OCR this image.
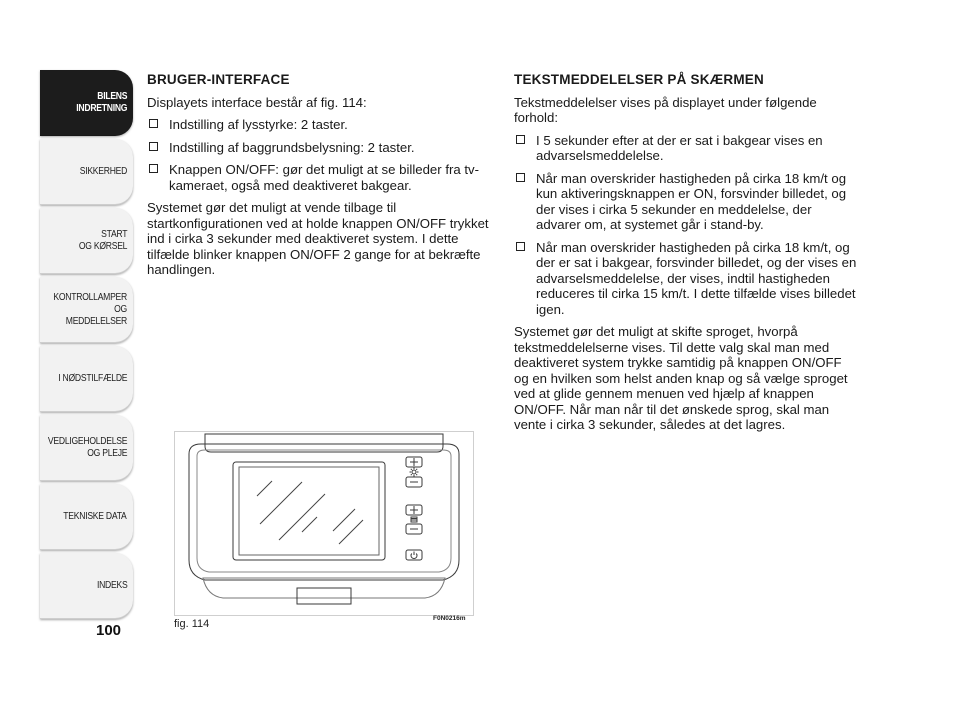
BILENS
INDRETNING
SIKKERHED
START
OG KØRSEL
KONTROLLAMPER
OG MEDDELELSER
I NØDSTILFÆLDE
VEDLIGEHOLDELSE
OG PLEJE
TEKNISKE DATA
INDEKS
100
BRUGER-INTERFACE

Displayets interface består af fig. 114:

Indstilling af lysstyrke: 2 taster.
Indstilling af baggrundsbelysning: 2 taster.
Knappen ON/OFF: gør det muligt at se billeder fra tv-kameraet, også med deaktiveret bakgear.

Systemet gør det muligt at vende tilbage til startkonfigurationen ved at holde knappen ON/OFF trykket ind i cirka 3 sekunder med deaktiveret system. I dette tilfælde blinker knappen ON/OFF 2 gange for at bekræfte handlingen.

TEKSTMEDDELELSER PÅ SKÆRMEN

Tekstmeddelelser vises på displayet under følgende forhold:

I 5 sekunder efter at der er sat i bakgear vises en advarselsmeddelelse.
Når man overskrider hastigheden på cirka 18 km/t og kun aktiveringsknappen er ON, forsvinder billedet, og der vises i cirka 5 sekunder en meddelelse, der advarer om, at systemet går i stand-by.
Når man overskrider hastigheden på cirka 18 km/t, og der er sat i bakgear, forsvinder billedet, og der vises en advarselsmeddelelse, der vises, indtil hastigheden reduceres til cirka 15 km/t. I dette tilfælde vises billedet igen.

Systemet gør det muligt at skifte sproget, hvorpå tekstmeddelelserne vises. Til dette valg skal man med deaktiveret system trykke samtidig på knappen ON/OFF og en hvilken som helst anden knap og så vælge sproget ved at glide gennem menuen ved hjælp af knappen ON/OFF. Når man når til det ønskede sprog, skal man vente i cirka 3 sekunder, således at det lagres.

fig. 114	F0N0216m
